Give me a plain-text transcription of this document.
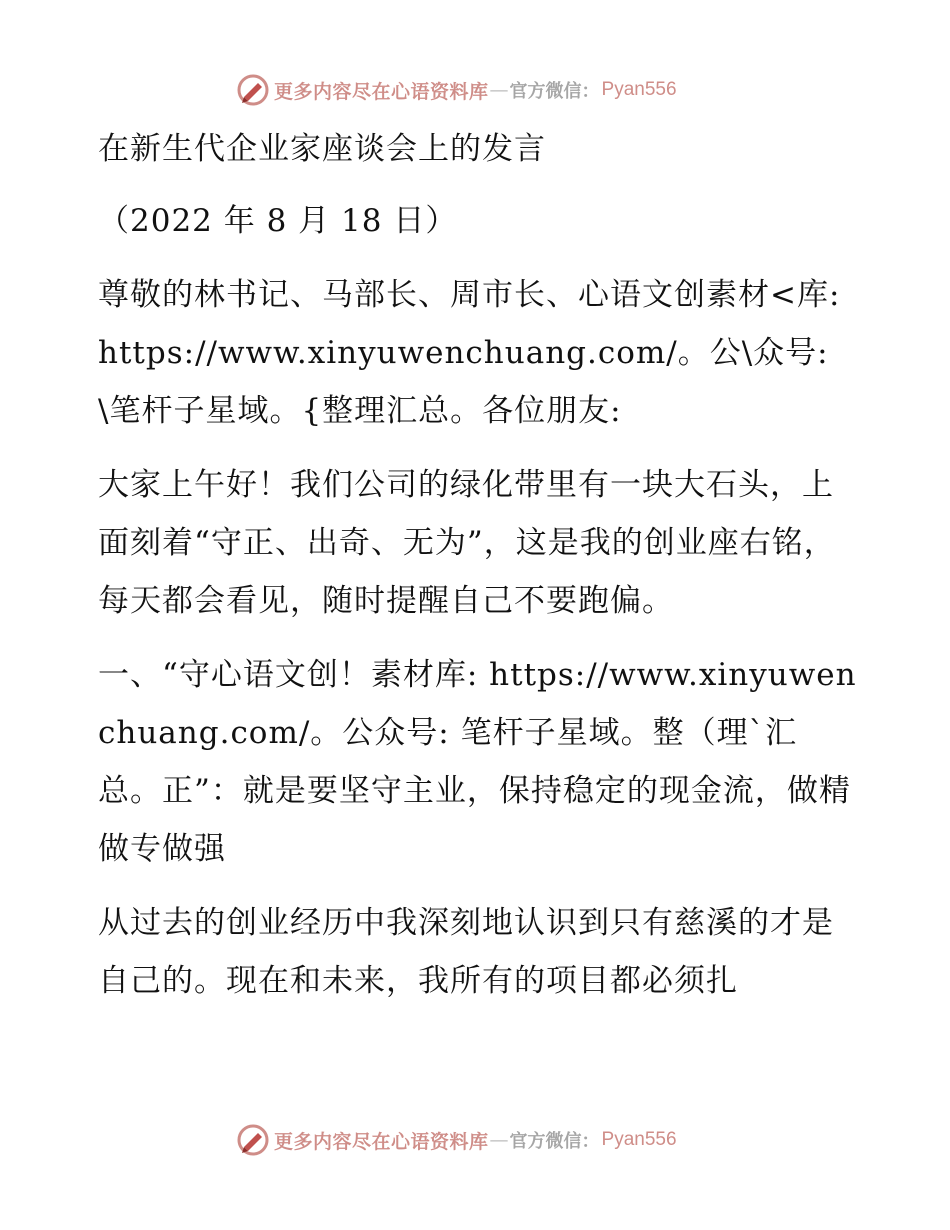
更多内容尽在心语资料库 — 官方微信： Pyan556

在新生代企业家座谈会上的发言

（2022 年 8 月 18 日）

尊敬的林书记、马部长、周市长、心语文创素材<库: https://www.xinyuwenchuang.com/。公\众号: \笔杆子星域。{整理汇总。各位朋友:

大家上午好！我们公司的绿化带里有一块大石头，上面刻着“守正、出奇、无为”，这是我的创业座右铭，每天都会看见，随时提醒自己不要跑偏。

一、“守心语文创！素材库: https://www.xinyuwenchuang.com/。公众号: 笔杆子星域。整（理`汇总。正”：就是要坚守主业，保持稳定的现金流，做精做专做强

从过去的创业经历中我深刻地认识到只有慈溪的才是自己的。现在和未来，我所有的项目都必须扎

更多内容尽在心语资料库 — 官方微信： Pyan556
